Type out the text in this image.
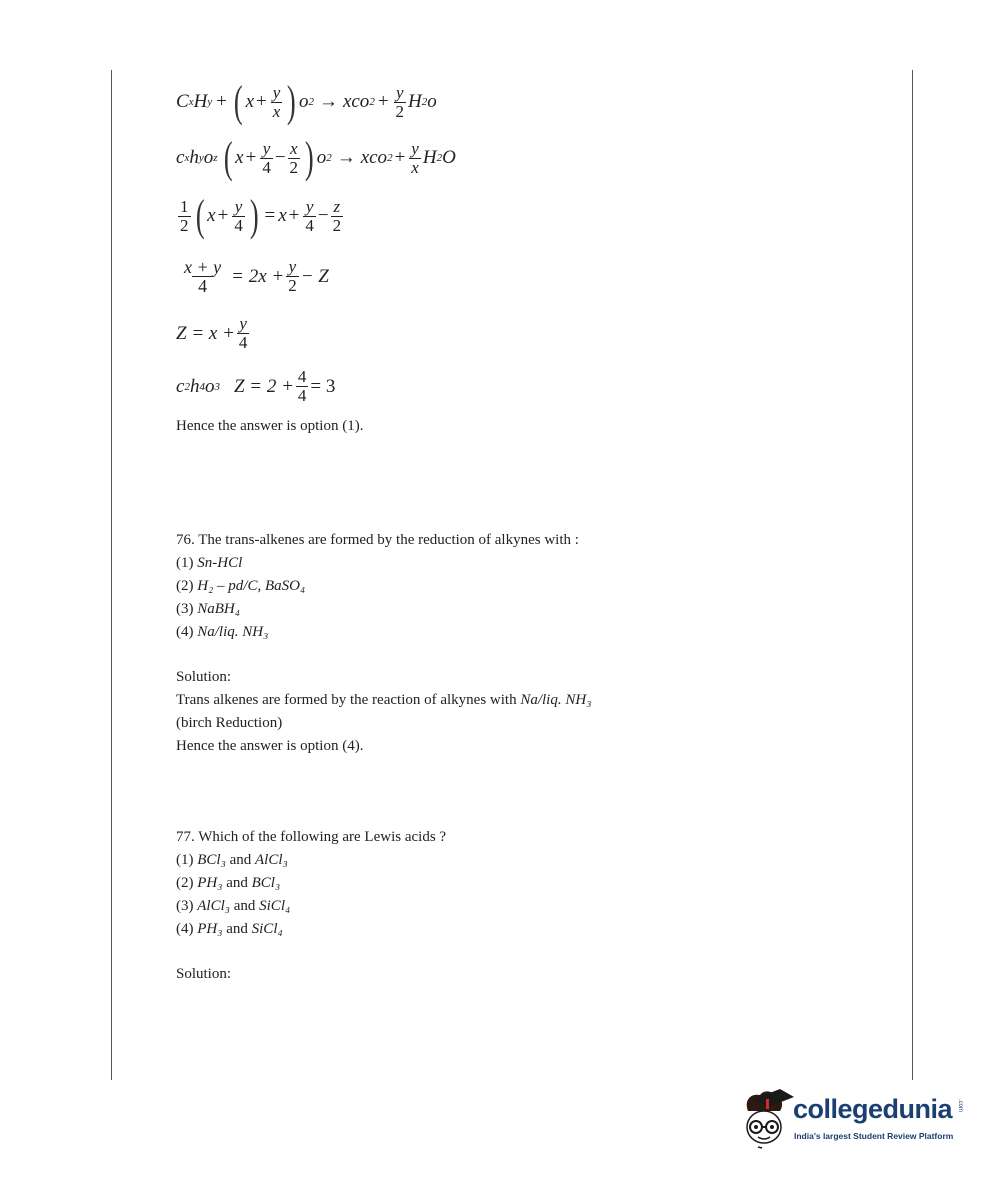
C x H y + ( $x + \frac{y}{x}$ ) o 2 → xco $2 + \frac{y}{2}$ H 2 o
c x h y o z ( $x + \frac{y}{4} - \frac{x}{2}$ ) o 2 → xco $2 + \frac{y}{x}$ H 2 O
$\frac{1}{2}$ ( $x + \frac{y}{4}$ ) = $x + \frac{y}{4} - \frac{z}{2}$
$\frac{x + y}{4} = 2x + \frac{y}{2} - Z$
$Z = x + \frac{y}{4}$
c 2 h 4 o 3 $Z = 2 + \frac{4}{4} = 3$
Hence the answer is option (1).
76. The trans-alkenes are formed by the reduction of alkynes with :
(1) Sn-HCl
(2) H₂ – pd/C, BaSO₄
(3) NaBH₄
(4) Na/liq. NH₃
Solution:
Trans alkenes are formed by the reaction of alkynes with Na/liq. NH₃
(birch Reduction)
Hence the answer is option (4).
77. Which of the following are Lewis acids ?
(1) BCl₃ and AlCl₃
(2) PH₃ and BCl₃
(3) AlCl₃ and SiCl₄
(4) PH₃ and SiCl₄
Solution:
collegedunia .com
India's largest Student Review Platform
